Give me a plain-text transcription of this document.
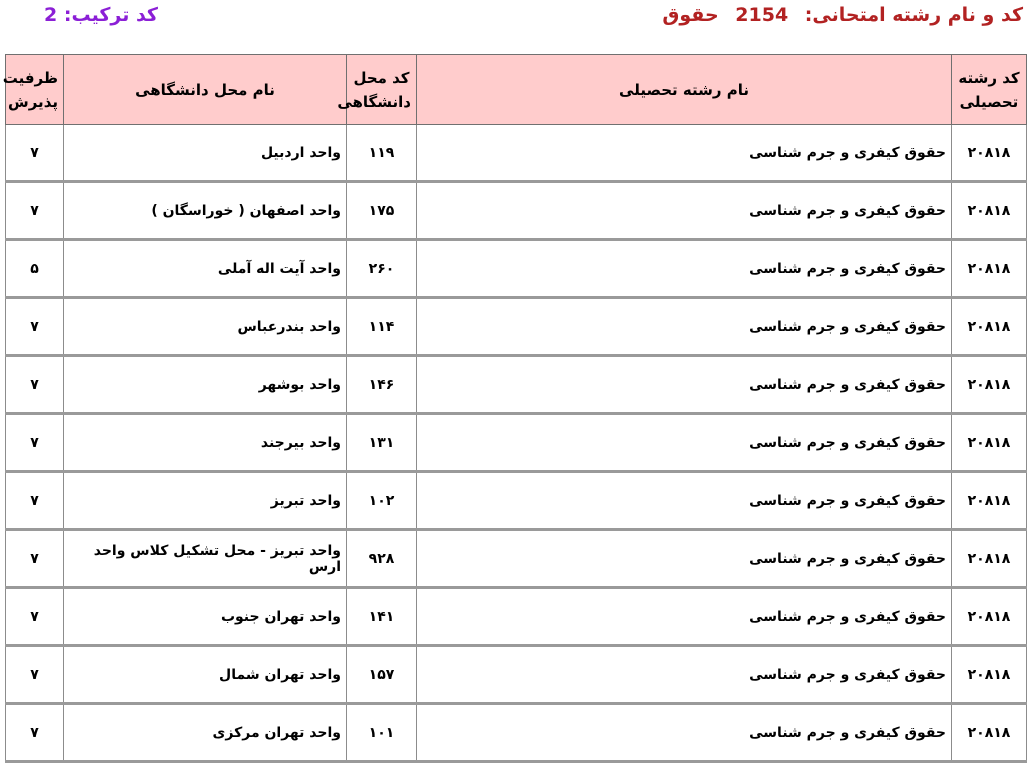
کد و نام رشته امتحانی: 2154 حقوق
کد ترکیب: 2
کد رشته تحصیلی	نام رشته تحصیلی	کد محل دانشگاهی	نام محل دانشگاهی	ظرفیت پذیرش
۲۰۸۱۸	حقوق کیفری و جرم شناسی	۱۱۹	واحد اردبیل	۷
۲۰۸۱۸	حقوق کیفری و جرم شناسی	۱۷۵	واحد اصفهان ( خوراسگان )	۷
۲۰۸۱۸	حقوق کیفری و جرم شناسی	۲۶۰	واحد آیت اله آملی	۵
۲۰۸۱۸	حقوق کیفری و جرم شناسی	۱۱۴	واحد بندرعباس	۷
۲۰۸۱۸	حقوق کیفری و جرم شناسی	۱۴۶	واحد بوشهر	۷
۲۰۸۱۸	حقوق کیفری و جرم شناسی	۱۳۱	واحد بیرجند	۷
۲۰۸۱۸	حقوق کیفری و جرم شناسی	۱۰۲	واحد تبریز	۷
۲۰۸۱۸	حقوق کیفری و جرم شناسی	۹۲۸	واحد تبریز - محل تشکیل کلاس واحد ارس	۷
۲۰۸۱۸	حقوق کیفری و جرم شناسی	۱۴۱	واحد تهران جنوب	۷
۲۰۸۱۸	حقوق کیفری و جرم شناسی	۱۵۷	واحد تهران شمال	۷
۲۰۸۱۸	حقوق کیفری و جرم شناسی	۱۰۱	واحد تهران مرکزی	۷
